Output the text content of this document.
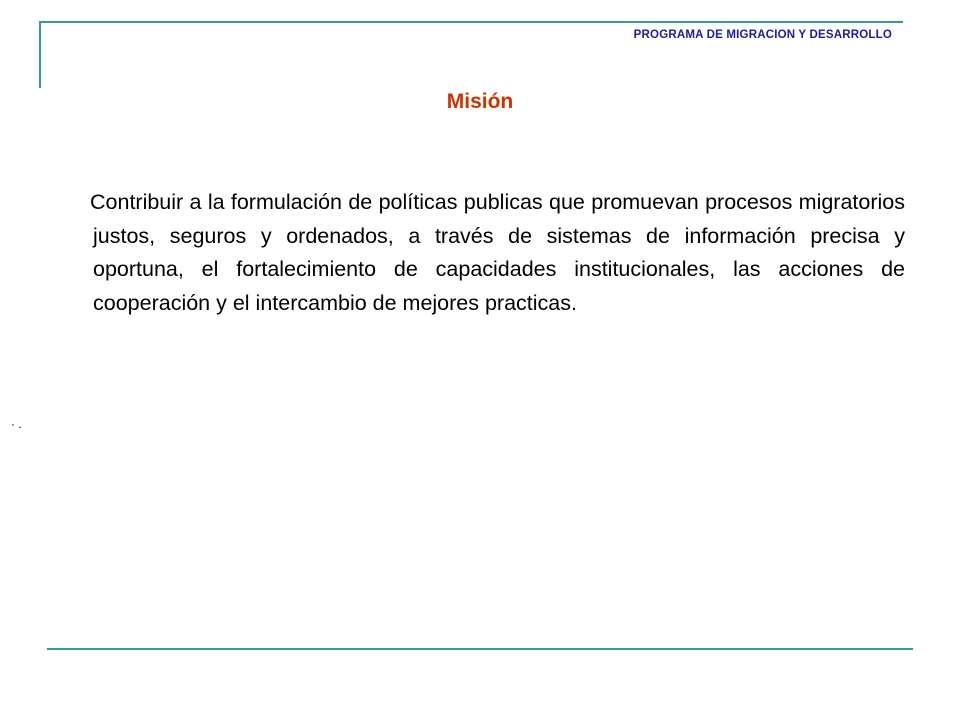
PROGRAMA DE MIGRACION Y DESARROLLO
Misión

Contribuir a la formulación de políticas publicas que promuevan procesos migratorios justos, seguros y ordenados, a través de sistemas de información precisa y oportuna, el fortalecimiento de capacidades institucionales, las acciones de cooperación y el intercambio de mejores practicas.

· .
